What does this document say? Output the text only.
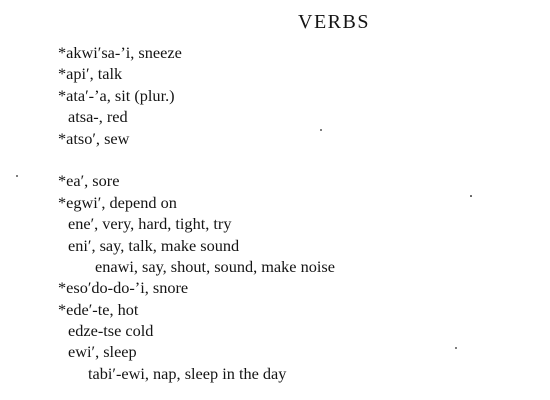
VERBS
*akwi′sa-’i, sneeze
*api′, talk
*ata′-’a, sit (plur.)
atsa-, red
*atso′, sew
*ea′, sore
*egwi′, depend on
ene′, very, hard, tight, try
eni′, say, talk, make sound
enawi, say, shout, sound, make noise
*eso′do-do-’i, snore
*ede′-te, hot
edze-tse cold
ewi′, sleep
tabi′-ewi, nap, sleep in the day
